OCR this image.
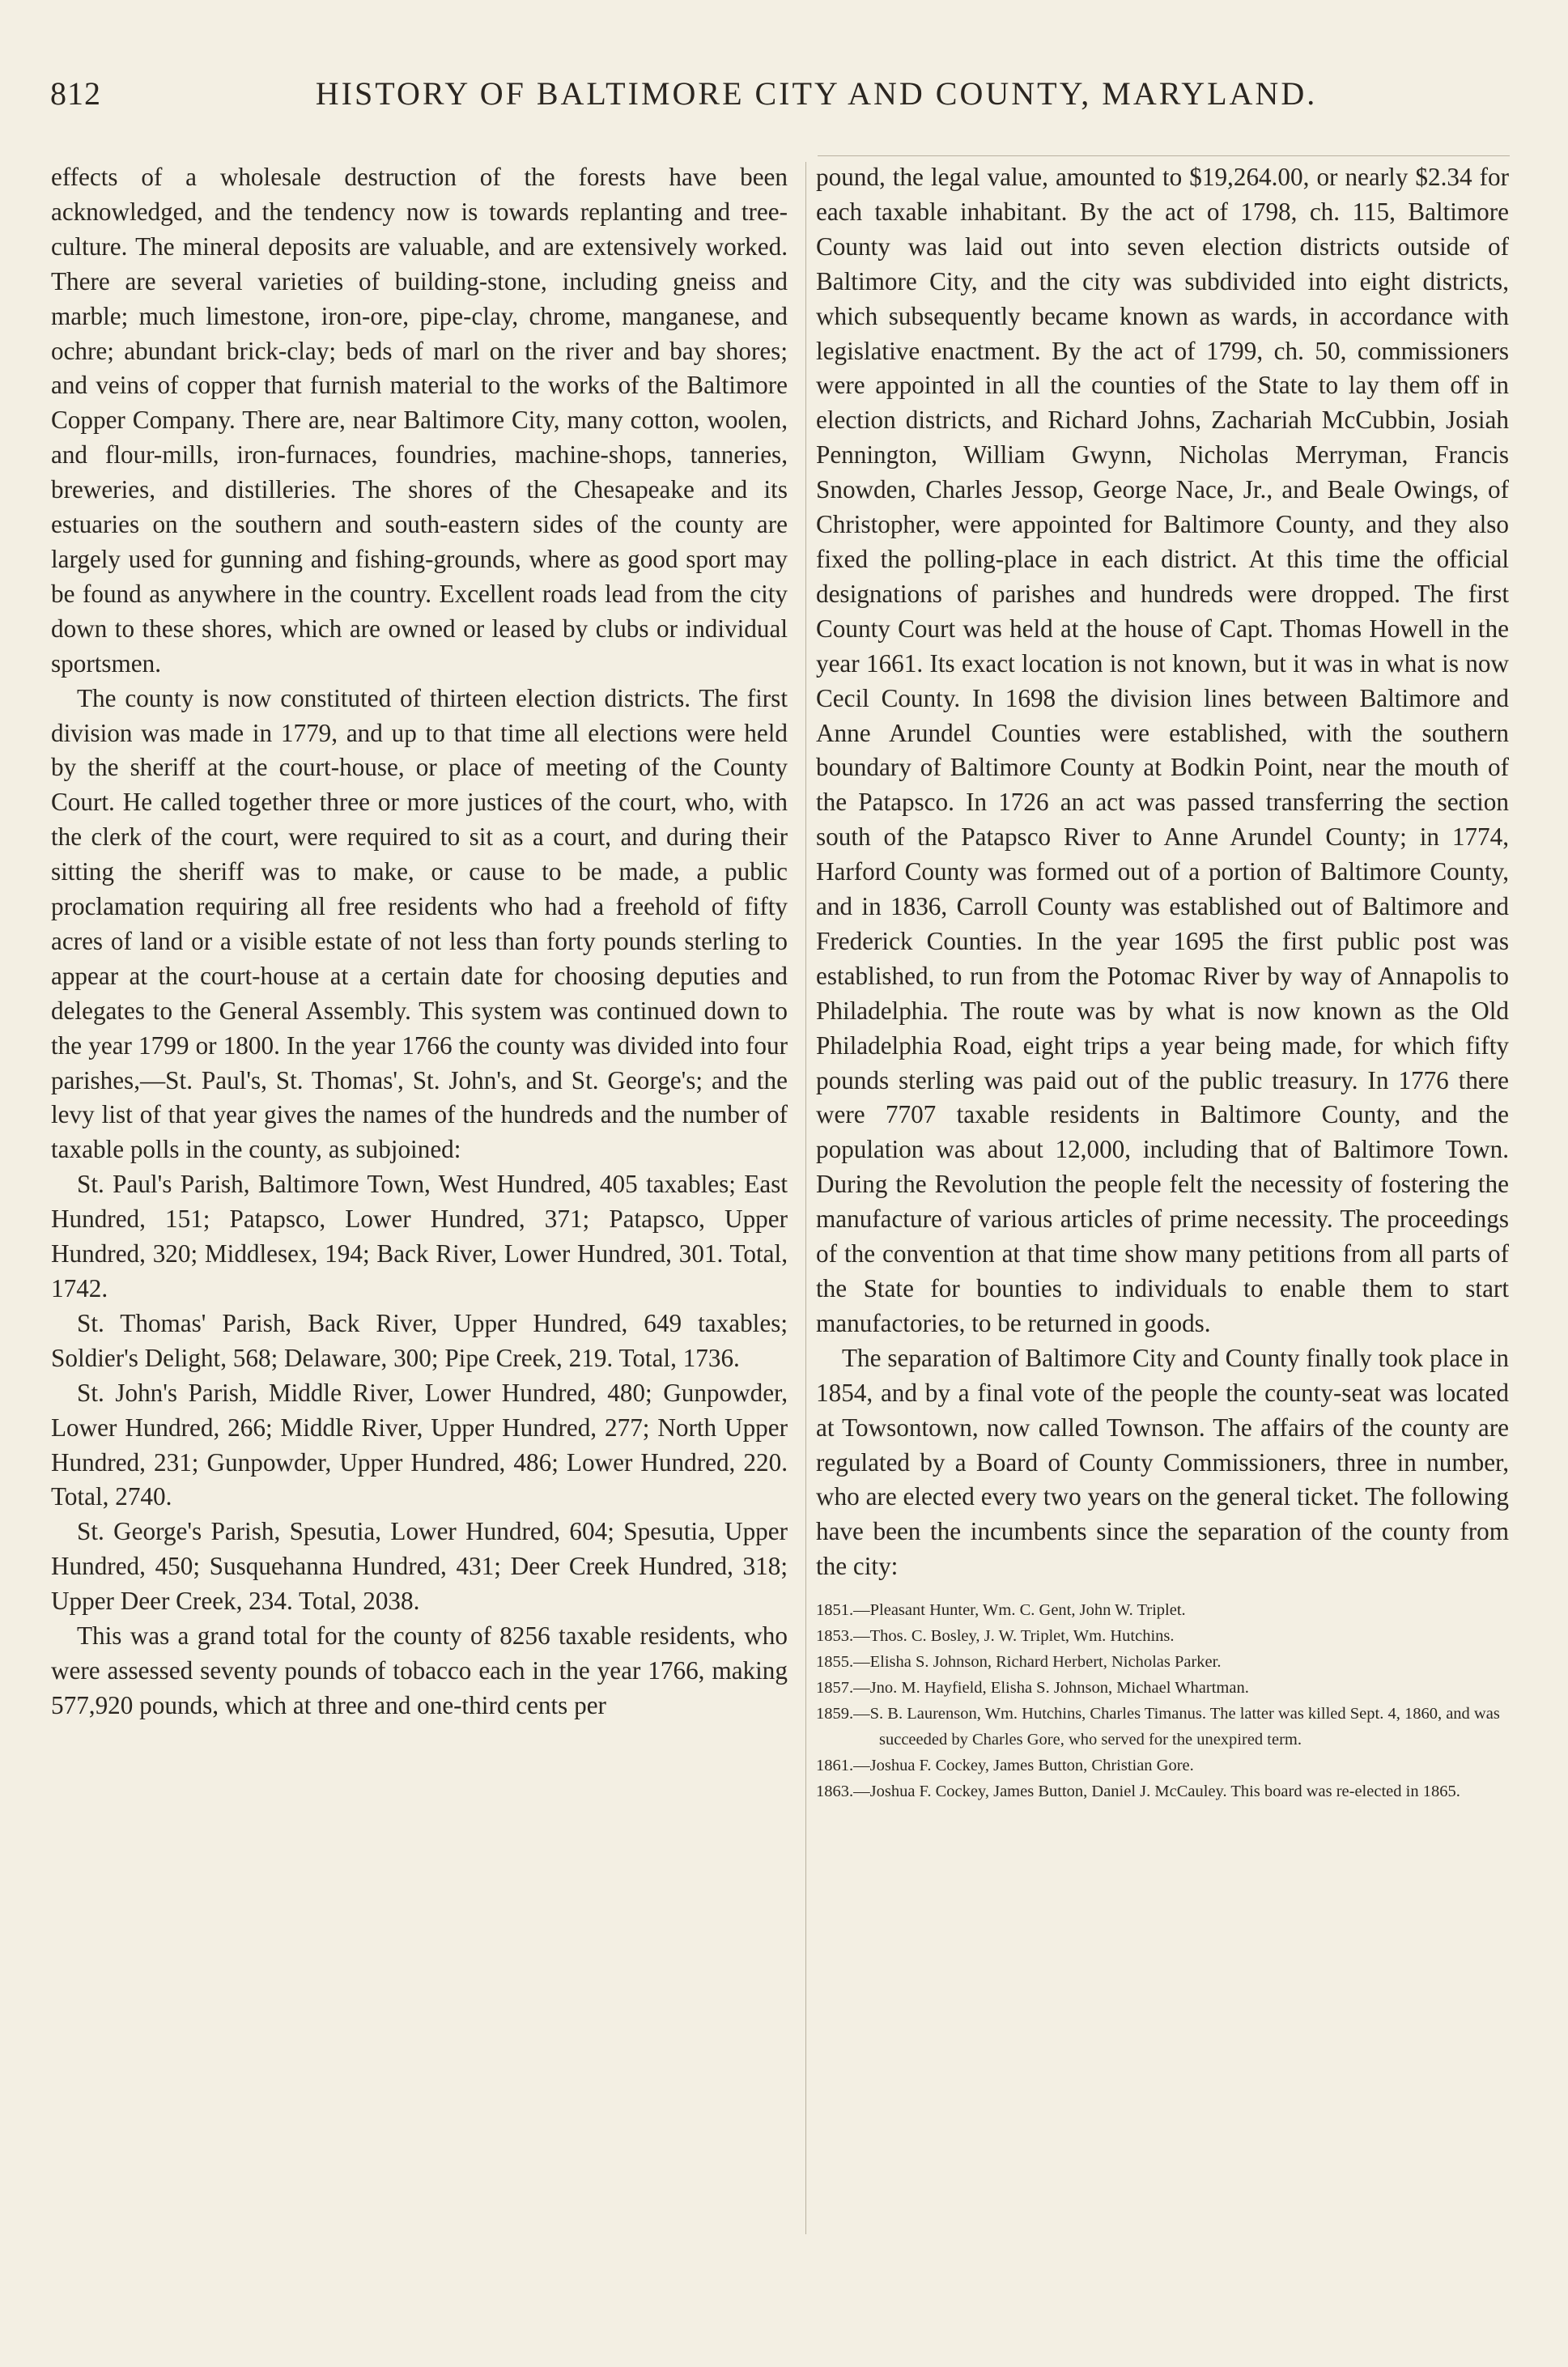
812	HISTORY OF BALTIMORE CITY AND COUNTY, MARYLAND.

effects of a wholesale destruction of the forests have been acknowledged, and the tendency now is towards replanting and tree-culture. The mineral deposits are valuable, and are extensively worked. There are several varieties of building-stone, including gneiss and marble; much limestone, iron-ore, pipe-clay, chrome, manganese, and ochre; abundant brick-clay; beds of marl on the river and bay shores; and veins of copper that furnish material to the works of the Baltimore Copper Company. There are, near Baltimore City, many cotton, woolen, and flour-mills, iron-furnaces, foundries, machine-shops, tanneries, breweries, and distilleries. The shores of the Chesapeake and its estuaries on the southern and south-eastern sides of the county are largely used for gunning and fishing-grounds, where as good sport may be found as anywhere in the country. Excellent roads lead from the city down to these shores, which are owned or leased by clubs or individual sportsmen.

The county is now constituted of thirteen election districts. The first division was made in 1779, and up to that time all elections were held by the sheriff at the court-house, or place of meeting of the County Court. He called together three or more justices of the court, who, with the clerk of the court, were required to sit as a court, and during their sitting the sheriff was to make, or cause to be made, a public proclamation requiring all free residents who had a freehold of fifty acres of land or a visible estate of not less than forty pounds sterling to appear at the court-house at a certain date for choosing deputies and delegates to the General Assembly. This system was continued down to the year 1799 or 1800. In the year 1766 the county was divided into four parishes,—St. Paul's, St. Thomas', St. John's, and St. George's; and the levy list of that year gives the names of the hundreds and the number of taxable polls in the county, as subjoined:

St. Paul's Parish, Baltimore Town, West Hundred, 405 taxables; East Hundred, 151; Patapsco, Lower Hundred, 371; Patapsco, Upper Hundred, 320; Middlesex, 194; Back River, Lower Hundred, 301. Total, 1742.

St. Thomas' Parish, Back River, Upper Hundred, 649 taxables; Soldier's Delight, 568; Delaware, 300; Pipe Creek, 219. Total, 1736.

St. John's Parish, Middle River, Lower Hundred, 480; Gunpowder, Lower Hundred, 266; Middle River, Upper Hundred, 277; North Upper Hundred, 231; Gunpowder, Upper Hundred, 486; Lower Hundred, 220. Total, 2740.

St. George's Parish, Spesutia, Lower Hundred, 604; Spesutia, Upper Hundred, 450; Susquehanna Hundred, 431; Deer Creek Hundred, 318; Upper Deer Creek, 234. Total, 2038.

This was a grand total for the county of 8256 taxable residents, who were assessed seventy pounds of tobacco each in the year 1766, making 577,920 pounds, which at three and one-third cents per

pound, the legal value, amounted to $19,264.00, or nearly $2.34 for each taxable inhabitant. By the act of 1798, ch. 115, Baltimore County was laid out into seven election districts outside of Baltimore City, and the city was subdivided into eight districts, which subsequently became known as wards, in accordance with legislative enactment. By the act of 1799, ch. 50, commissioners were appointed in all the counties of the State to lay them off in election districts, and Richard Johns, Zachariah McCubbin, Josiah Pennington, William Gwynn, Nicholas Merryman, Francis Snowden, Charles Jessop, George Nace, Jr., and Beale Owings, of Christopher, were appointed for Baltimore County, and they also fixed the polling-place in each district. At this time the official designations of parishes and hundreds were dropped. The first County Court was held at the house of Capt. Thomas Howell in the year 1661. Its exact location is not known, but it was in what is now Cecil County. In 1698 the division lines between Baltimore and Anne Arundel Counties were established, with the southern boundary of Baltimore County at Bodkin Point, near the mouth of the Patapsco. In 1726 an act was passed transferring the section south of the Patapsco River to Anne Arundel County; in 1774, Harford County was formed out of a portion of Baltimore County, and in 1836, Carroll County was established out of Baltimore and Frederick Counties. In the year 1695 the first public post was established, to run from the Potomac River by way of Annapolis to Philadelphia. The route was by what is now known as the Old Philadelphia Road, eight trips a year being made, for which fifty pounds sterling was paid out of the public treasury. In 1776 there were 7707 taxable residents in Baltimore County, and the population was about 12,000, including that of Baltimore Town. During the Revolution the people felt the necessity of fostering the manufacture of various articles of prime necessity. The proceedings of the convention at that time show many petitions from all parts of the State for bounties to individuals to enable them to start manufactories, to be returned in goods.

The separation of Baltimore City and County finally took place in 1854, and by a final vote of the people the county-seat was located at Towsontown, now called Townson. The affairs of the county are regulated by a Board of County Commissioners, three in number, who are elected every two years on the general ticket. The following have been the incumbents since the separation of the county from the city:

1851.—Pleasant Hunter, Wm. C. Gent, John W. Triplet.
1853.—Thos. C. Bosley, J. W. Triplet, Wm. Hutchins.
1855.—Elisha S. Johnson, Richard Herbert, Nicholas Parker.
1857.—Jno. M. Hayfield, Elisha S. Johnson, Michael Whartman.
1859.—S. B. Laurenson, Wm. Hutchins, Charles Timanus. The latter was killed Sept. 4, 1860, and was succeeded by Charles Gore, who served for the unexpired term.
1861.—Joshua F. Cockey, James Button, Christian Gore.
1863.—Joshua F. Cockey, James Button, Daniel J. McCauley. This board was re-elected in 1865.
